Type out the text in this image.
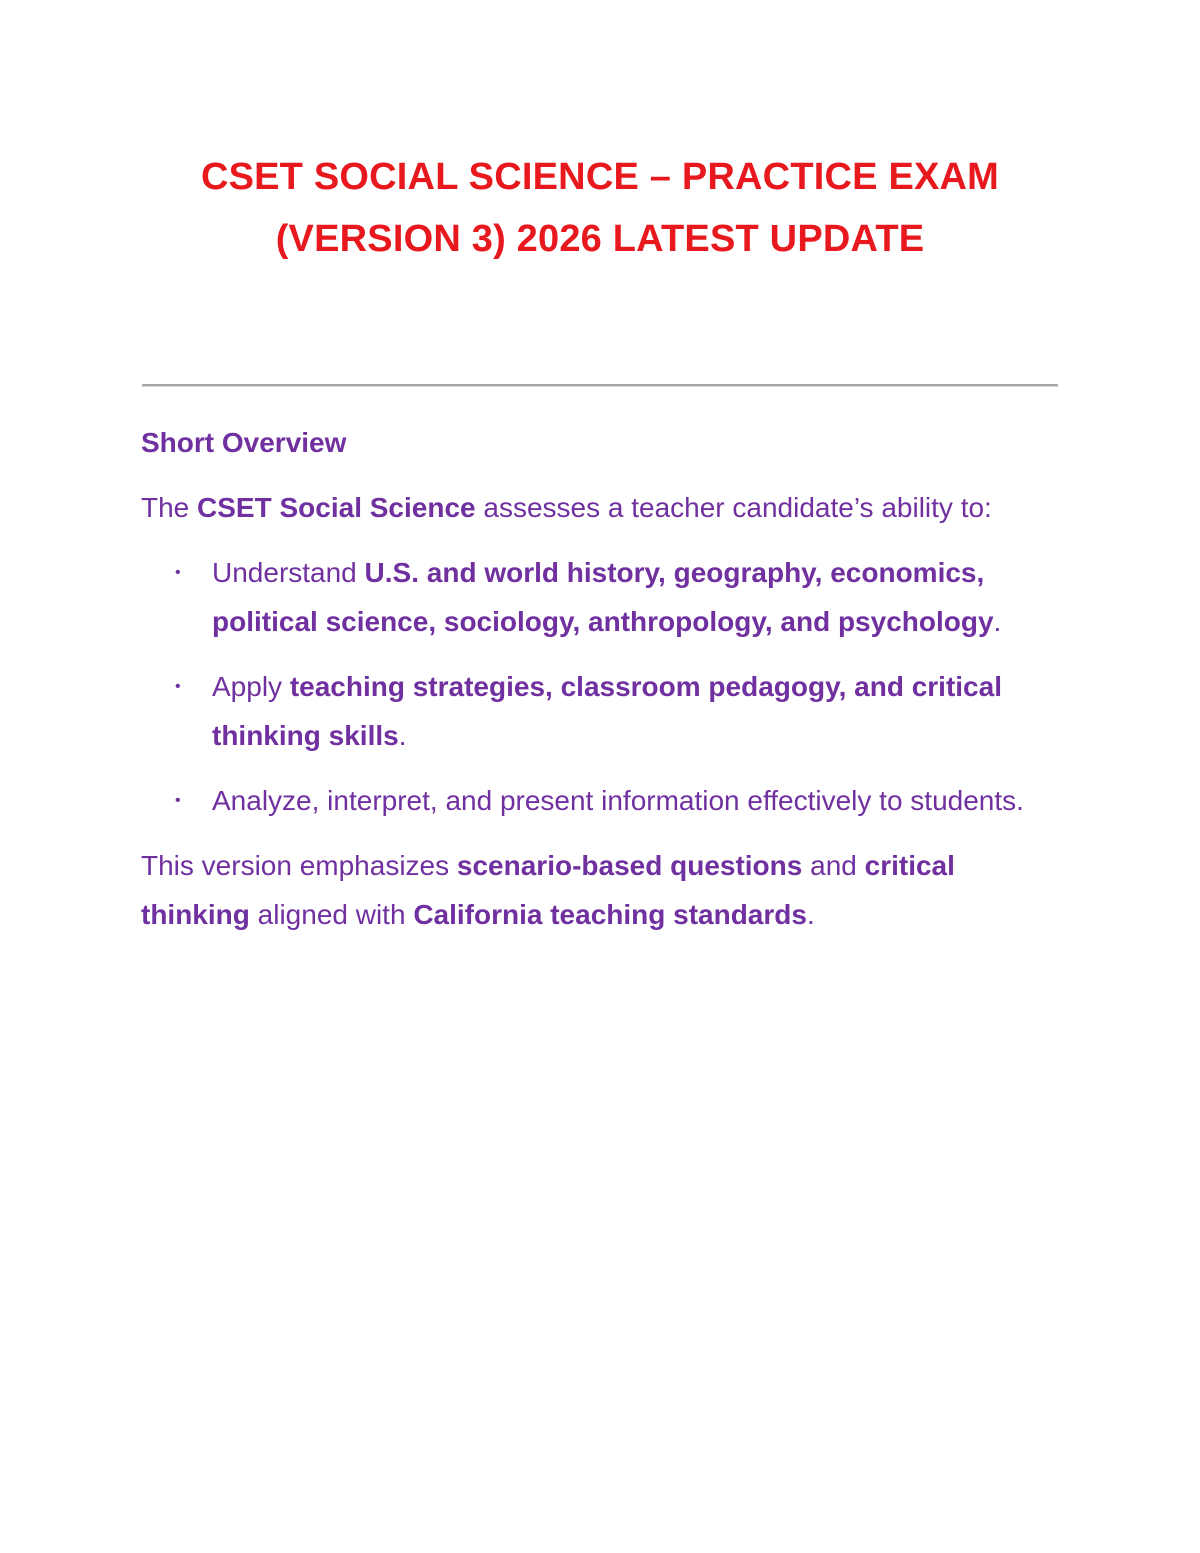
CSET SOCIAL SCIENCE – PRACTICE EXAM
(VERSION 3) 2026 LATEST UPDATE

Short Overview

The CSET Social Science assesses a teacher candidate’s ability to:

• Understand U.S. and world history, geography, economics, political science, sociology, anthropology, and psychology.
• Apply teaching strategies, classroom pedagogy, and critical thinking skills.
• Analyze, interpret, and present information effectively to students.

This version emphasizes scenario-based questions and critical thinking aligned with California teaching standards.
